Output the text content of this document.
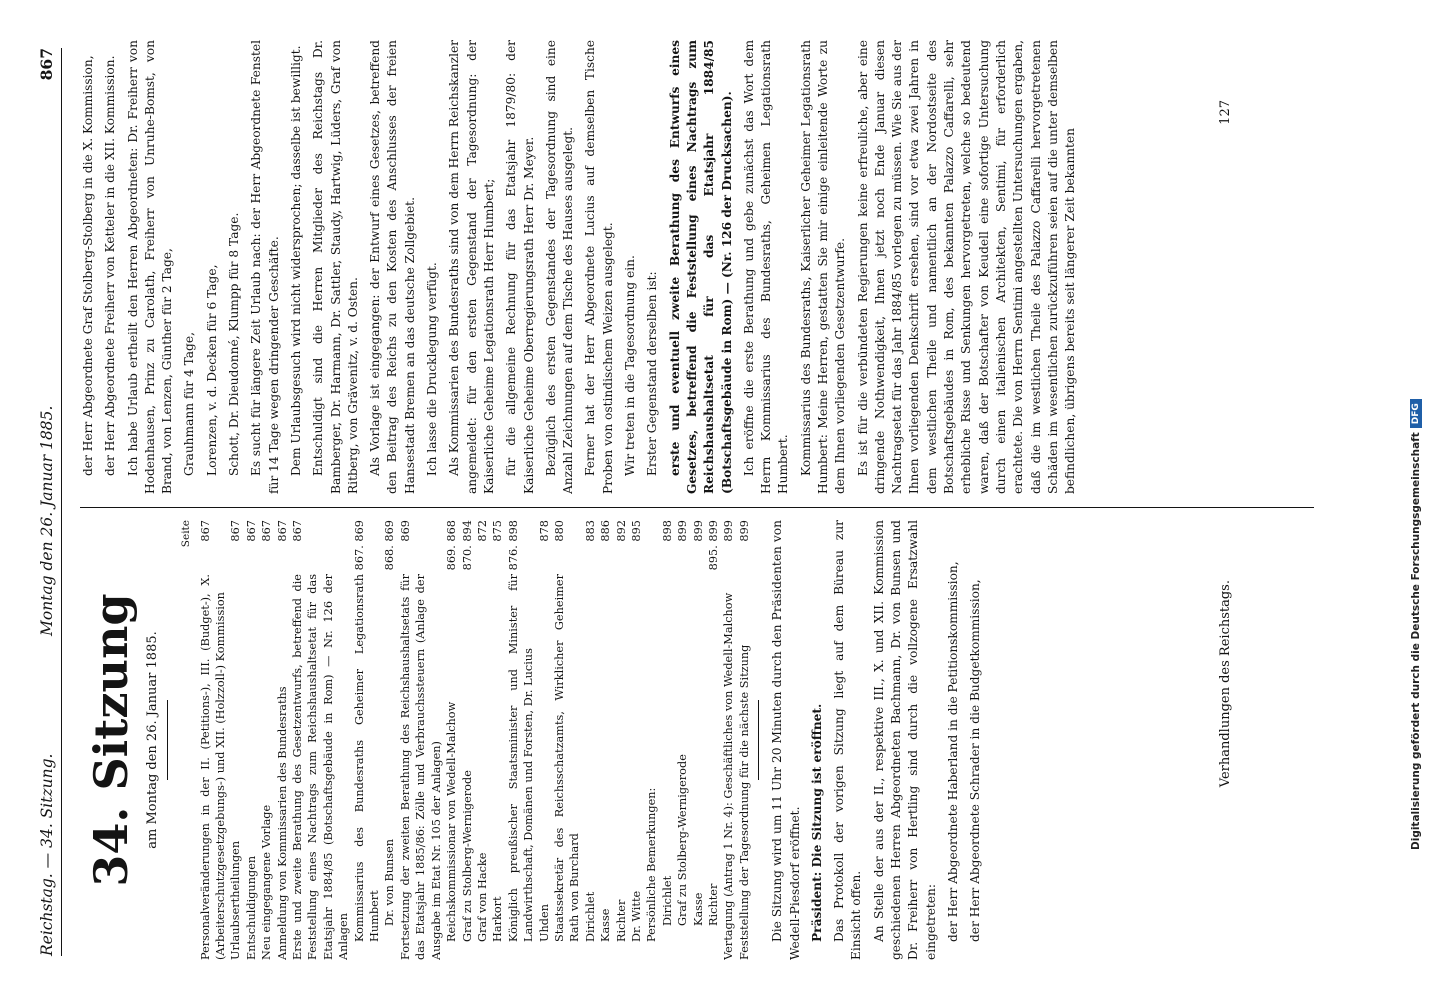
Reichstag. — 34. Sitzung.
Montag den 26. Januar 1885.
867
34. Sitzung am Montag den 26. Januar 1885.
Seite
Personalveränderungen in der II. (Petitions-), III. (Budget-), X. (Arbeiterschutzgesetzgebungs-) und XII. (Holzzoll-) Kommission
867
Urlaubsertheilungen
867
Entschuldigungen
867
Neu eingegangene Vorlage
867
Anmeldung von Kommissarien des Bundesraths
867
Erste und zweite Berathung des Gesetzentwurfs, betreffend die Feststellung eines Nachtrags zum Reichshaushaltsetat für das Etatsjahr 1884/85 (Botschaftsgebäude in Rom) — Nr. 126 der Anlagen
867
Kommissarius des Bundesraths Geheimer Legationsrath Humbert
867. 869
Dr. von Bunsen
868. 869
Fortsetzung der zweiten Berathung des Reichshaushaltsetats für das Etatsjahr 1885/86: Zölle und Verbrauchssteuern (Anlage der Ausgabe im Etat Nr. 105 der Anlagen)
869
Reichskommissionar von Wedell-Malchow
869. 868
Graf zu Stolberg-Wernigerode
870. 894
Graf von Hacke
872
Harkort
875
Königlich preußischer Staatsminister und Minister für Landwirthschaft, Domänen und Forsten, Dr. Lucius
876. 898
Uhden
878
Staatssekretär des Reichsschatzamts, Wirklicher Geheimer Rath von Burchard
880
Dirichlet
883
Kasse
886
Richter
892
Dr. Witte
895
Persönliche Bemerkungen: Dirichlet
898
Graf zu Stolberg-Wernigerode
899
Kasse
899
Richter
895. 899
Vertagung (Antrag 1 Nr. 4): Geschäftliches von Wedell-Malchow
899
Feststellung der Tagesordnung für die nächste Sitzung
899 Die Sitzung wird um 11 Uhr 20 Minuten durch den Präsidenten von Wedell-Piesdorf eröffnet. Präsident: Die Sitzung ist eröffnet. Das Protokoll der vorigen Sitzung liegt auf dem Büreau zur Einsicht offen. An Stelle der aus der II., respektive III., X. und XII. Kommission geschiedenen Herren Abgeordneten Bachmann, Dr. von Bunsen und Dr. Freiherr von Hertling sind durch die vollzogene Ersatzwahl eingetreten: der Herr Abgeordnete Haberland in die Petitionskommission, der Herr Abgeordnete Schrader in die Budgetkommission,	Verhandlungen des Reichstags.

der Herr Abgeordnete Graf Stolberg-Stolberg in die X. Kommission, der Herr Abgeordnete Freiherr von Ketteler in die XII. Kommission. Ich habe Urlaub ertheilt den Herren Abgeordneten: Dr. Freiherr von Hodenhausen, Prinz zu Carolath, Freiherr von Unruhe-Bomst, von Brand, von Lenzen, Günther für 2 Tage, Grauhmann für 4 Tage, Lorenzen, v. d. Decken für 6 Tage, Schott, Dr. Dieudonné, Klumpp für 8 Tage. Es sucht für längere Zeit Urlaub nach: der Herr Abgeordnete Fenstel für 14 Tage wegen dringender Geschäfte. Dem Urlaubsgesuch wird nicht widersprochen; dasselbe ist bewilligt. Entschuldigt sind die Herren Mitglieder des Reichstags Dr. Bamberger, Dr. Harmann, Dr. Sattler, Staudy, Hartwig, Lüders, Graf von Ritberg, von Grävenitz, v. d. Osten. Als Vorlage ist eingegangen: der Entwurf eines Gesetzes, betreffend den Beitrag des Reichs zu den Kosten des Anschlusses der freien Hansestadt Bremen an das deutsche Zollgebiet. Ich lasse die Drucklegung verfügt. Als Kommissarien des Bundesraths sind von dem Herrn Reichskanzler angemeldet: für den ersten Gegenstand der Tagesordnung: der Kaiserliche Geheime Legationsrath Herr Humbert; für die allgemeine Rechnung für das Etatsjahr 1879/80: der Kaiserliche Geheime Oberregierungsrath Herr Dr. Meyer. Bezüglich des ersten Gegenstandes der Tagesordnung sind eine Anzahl Zeichnungen auf dem Tische des Hauses ausgelegt. Ferner hat der Herr Abgeordnete Lucius auf demselben Tische Proben von ostindischem Weizen ausgelegt. Wir treten in die Tagesordnung ein. Erster Gegenstand derselben ist: erste und eventuell zweite Berathung des Entwurfs eines Gesetzes, betreffend die Feststellung eines Nachtrags zum Reichshaushaltsetat für das Etatsjahr 1884/85 (Botschaftsgebäude in Rom) — (Nr. 126 der Drucksachen). Ich eröffne die erste Berathung und gebe zunächst das Wort dem Herrn Kommissarius des Bundesraths, Geheimen Legationsrath Humbert. Kommissarius des Bundesraths, Kaiserlicher Geheimer Legationsrath Humbert: Meine Herren, gestatten Sie mir einige einleitende Worte zu dem Ihnen vorliegenden Gesetzentwurfe. Es ist für die verbündeten Regierungen keine erfreuliche, aber eine dringende Nothwendigkeit, Ihnen jetzt noch Ende Januar diesen Nachtragsetat für das Jahr 1884/85 vorlegen zu müssen. Wie Sie aus der Ihnen vorliegenden Denkschrift ersehen, sind vor etwa zwei Jahren in dem westlichen Theile und namentlich an der Nordostseite des Botschaftsgebäudes in Rom, des bekannten Palazzo Caffarelli, sehr erhebliche Risse und Senkungen hervorgetreten, welche so bedeutend waren, daß der Botschafter von Keudell eine sofortige Untersuchung durch einen italienischen Architekten, Sentimi, für erforderlich erachtete. Die von Herrn Sentimi angestellten Untersuchungen ergaben, daß die im westlichen Theile des Palazzo Caffarelli hervorgetretenen Schäden im wesentlichen zurückzuführen seien auf die unter demselben befindlichen, übrigens bereits seit längerer Zeit bekannten

127
Digitalisierung gefördert durch die Deutsche Forschungsgemeinschaft
DFG
